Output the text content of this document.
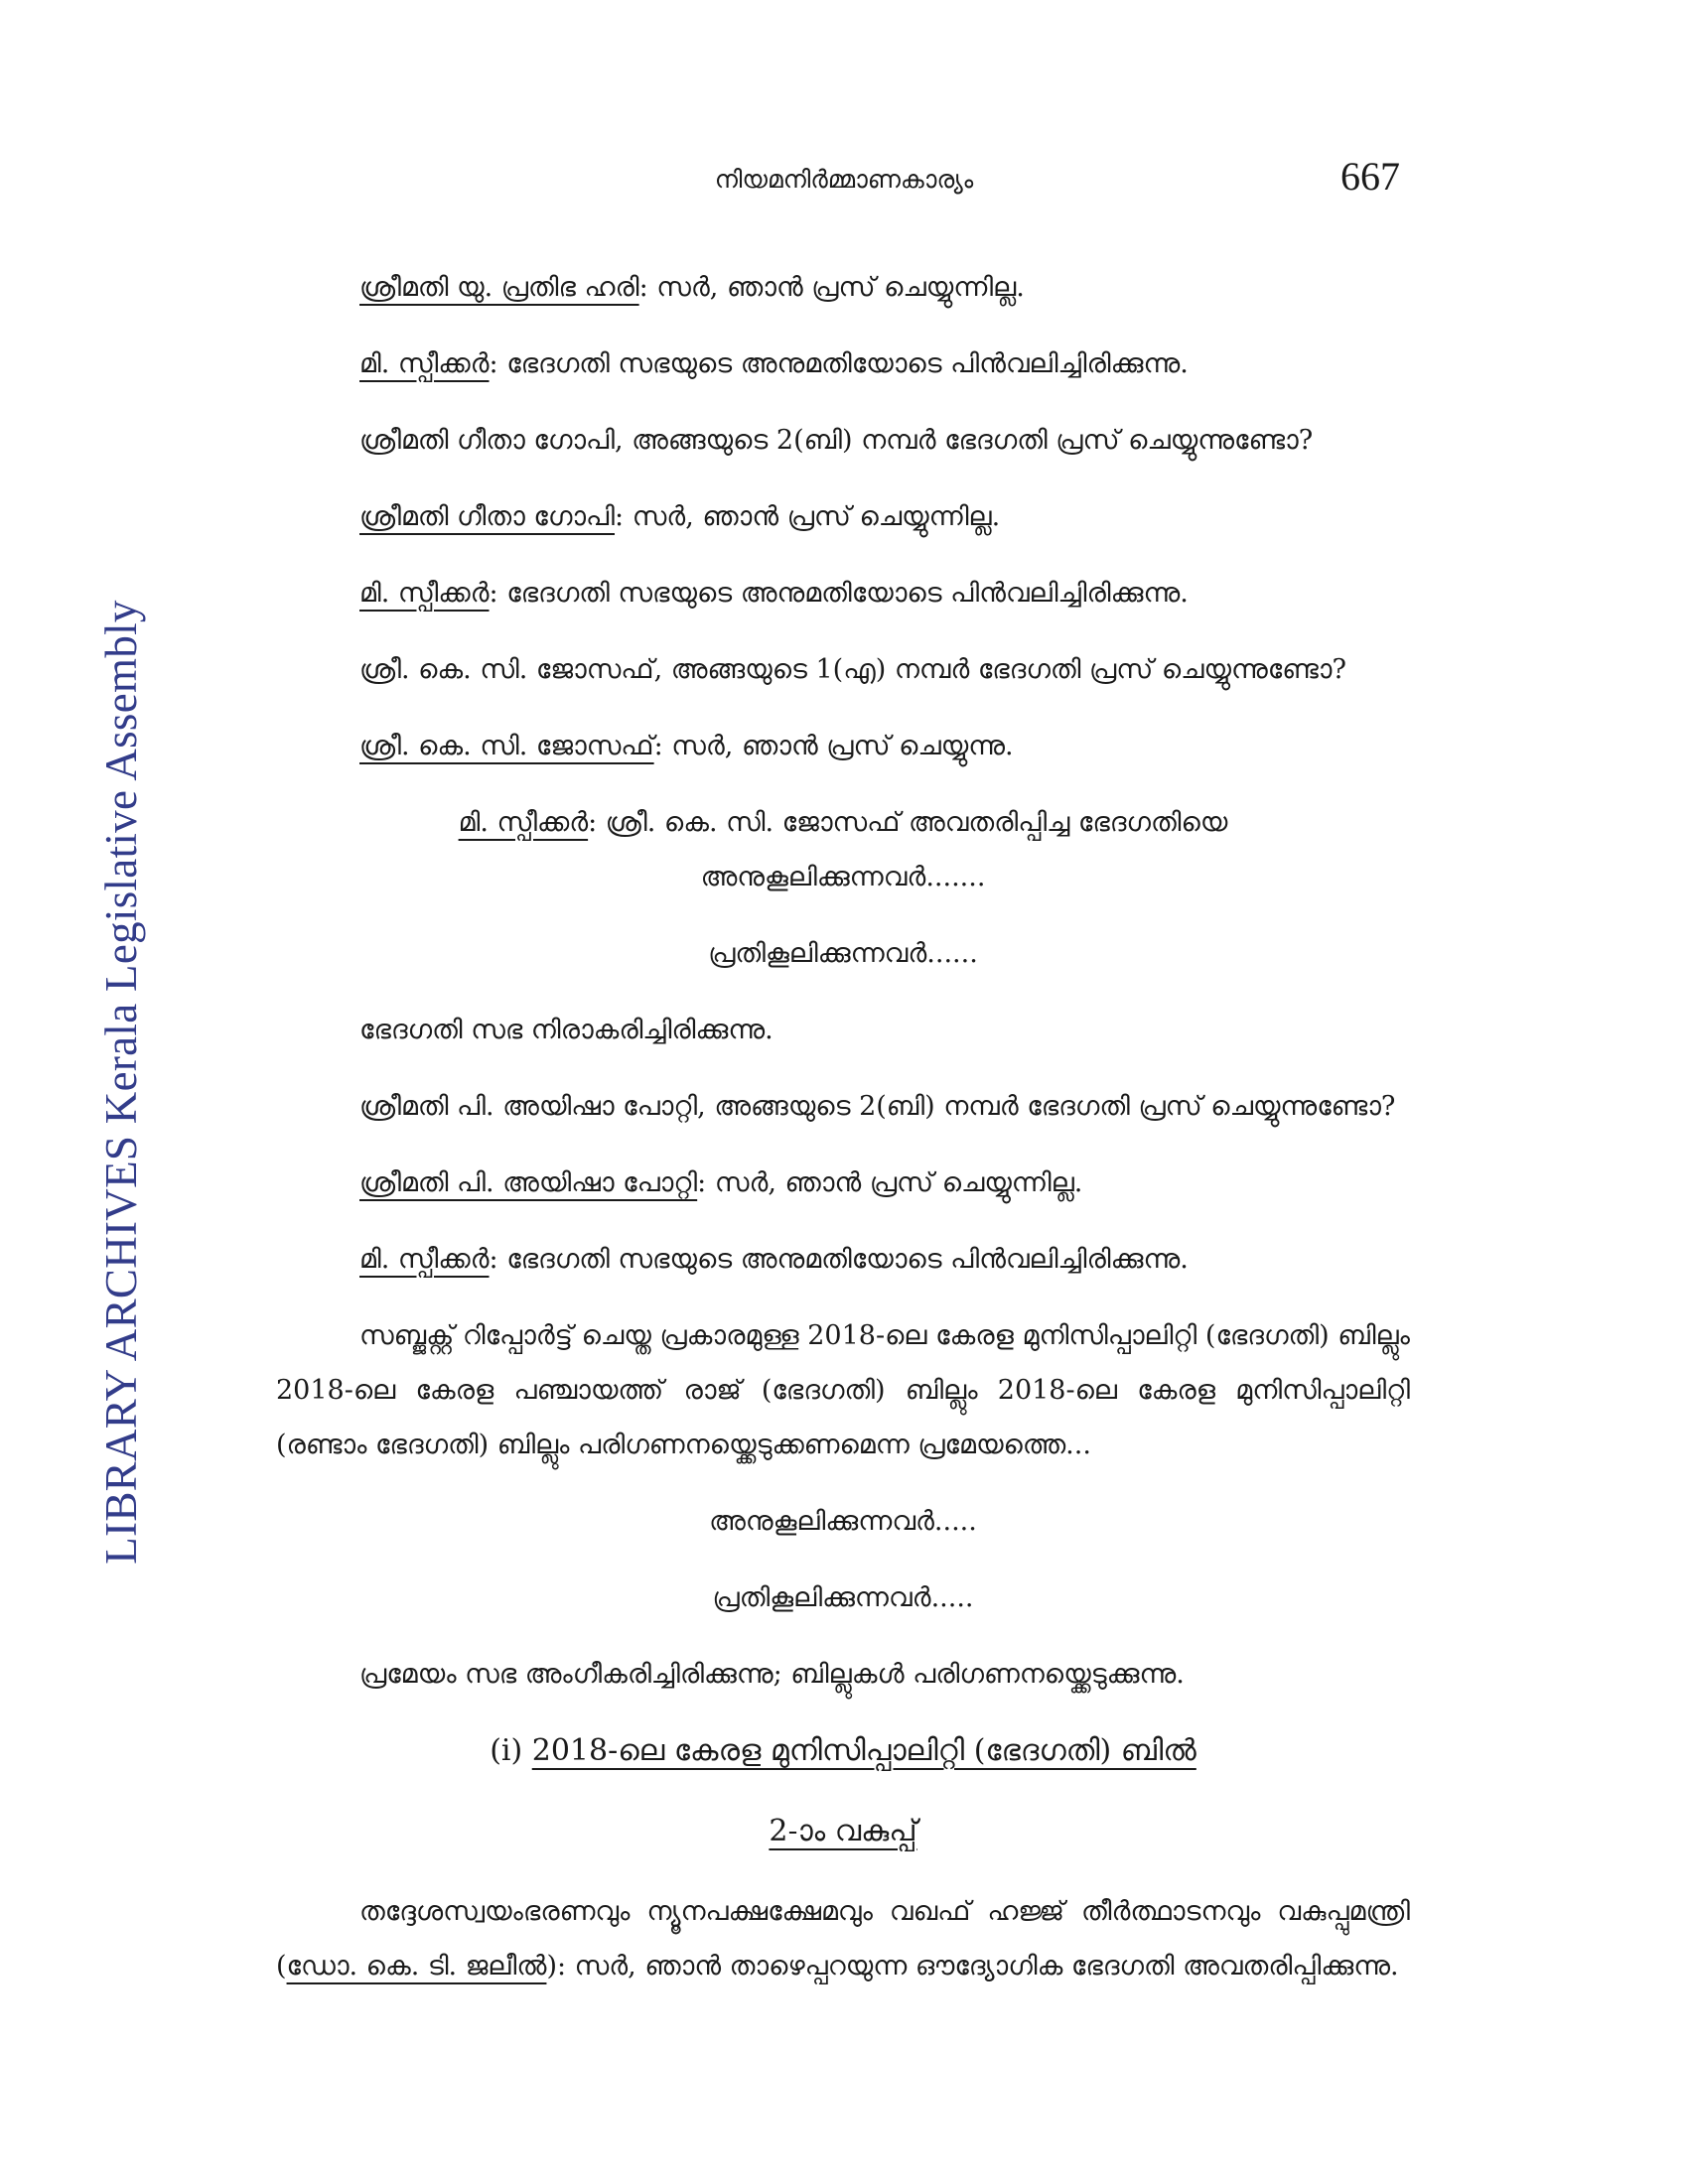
LIBRARY ARCHIVES Kerala Legislative Assembly
നിയമനിർമ്മാണകാര്യം	667

ശ്രീമതി യു. പ്രതിഭ ഹരി: സർ, ഞാൻ പ്രസ് ചെയ്യുന്നില്ല.

മി. സ്പീക്കർ: ഭേദഗതി സഭയുടെ അനുമതിയോടെ പിൻവലിച്ചിരിക്കുന്നു.

ശ്രീമതി ഗീതാ ഗോപി, അങ്ങയുടെ 2(ബി) നമ്പർ ഭേദഗതി പ്രസ് ചെയ്യുന്നുണ്ടോ?

ശ്രീമതി ഗീതാ ഗോപി: സർ, ഞാൻ പ്രസ് ചെയ്യുന്നില്ല.

മി. സ്പീക്കർ: ഭേദഗതി സഭയുടെ അനുമതിയോടെ പിൻവലിച്ചിരിക്കുന്നു.

ശ്രീ. കെ. സി. ജോസഫ്, അങ്ങയുടെ 1(എ) നമ്പർ ഭേദഗതി പ്രസ് ചെയ്യുന്നുണ്ടോ?

ശ്രീ. കെ. സി. ജോസഫ്: സർ, ഞാൻ പ്രസ് ചെയ്യുന്നു.

മി. സ്പീക്കർ: ശ്രീ. കെ. സി. ജോസഫ് അവതരിപ്പിച്ച ഭേദഗതിയെ
അനുകൂലിക്കുന്നവർ.......

പ്രതികൂലിക്കുന്നവർ......

ഭേദഗതി സഭ നിരാകരിച്ചിരിക്കുന്നു.

ശ്രീമതി പി. അയിഷാ പോറ്റി, അങ്ങയുടെ 2(ബി) നമ്പർ ഭേദഗതി പ്രസ് ചെയ്യുന്നുണ്ടോ?

ശ്രീമതി പി. അയിഷാ പോറ്റി: സർ, ഞാൻ പ്രസ് ചെയ്യുന്നില്ല.

മി. സ്പീക്കർ: ഭേദഗതി സഭയുടെ അനുമതിയോടെ പിൻവലിച്ചിരിക്കുന്നു.

സബ്ജക്റ്റ് റിപ്പോർട്ട് ചെയ്ത പ്രകാരമുള്ള 2018-ലെ കേരള മുനിസിപ്പാലിറ്റി (ഭേദഗതി) ബില്ലും 2018-ലെ കേരള പഞ്ചായത്ത് രാജ് (ഭേദഗതി) ബില്ലും 2018-ലെ കേരള മുനിസിപ്പാലിറ്റി (രണ്ടാം ഭേദഗതി) ബില്ലും പരിഗണനയ്ക്കെടുക്കണമെന്ന പ്രമേയത്തെ...

അനുകൂലിക്കുന്നവർ.....

പ്രതികൂലിക്കുന്നവർ.....

പ്രമേയം സഭ അംഗീകരിച്ചിരിക്കുന്നു; ബില്ലുകൾ പരിഗണനയ്ക്കെടുക്കുന്നു.

(i) 2018-ലെ കേരള മുനിസിപ്പാലിറ്റി (ഭേദഗതി) ബിൽ
2-ാം വകുപ്പ്

തദ്ദേശസ്വയംഭരണവും ന്യൂനപക്ഷക്ഷേമവും വഖഫ് ഹജ്ജ് തീർത്ഥാടനവും വകുപ്പുമന്ത്രി (ഡോ. കെ. ടി. ജലീൽ): സർ, ഞാൻ താഴെപ്പറയുന്ന ഔദ്യോഗിക ഭേദഗതി അവതരിപ്പിക്കുന്നു.
